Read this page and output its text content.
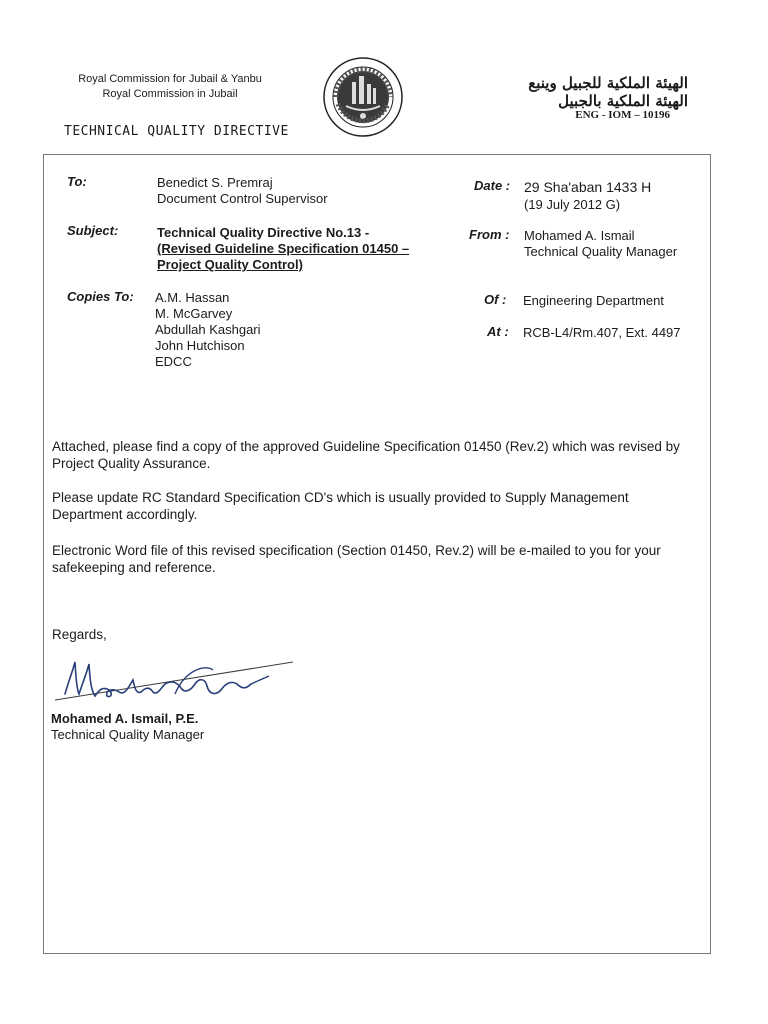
Royal Commission for Jubail & Yanbu
Royal Commission in Jubail
TECHNICAL QUALITY DIRECTIVE
الهيئة الملكية للجبيل وينبع
الهيئة الملكية بالجبيل
ENG - IOM – 10196
To:	Benedict S. Premraj
Document Control Supervisor
Date : 29 Sha'aban 1433 H
(19 July 2012 G)
Subject:	Technical Quality Directive No.13 -
(Revised Guideline Specification 01450 –
Project Quality Control)
From : Mohamed A. Ismail
Technical Quality Manager
Copies To: A.M. Hassan
M. McGarvey
Abdullah Kashgari
John Hutchison
EDCC
Of : Engineering Department
At : RCB-L4/Rm.407, Ext. 4497
Attached, please find a copy of the approved Guideline Specification 01450 (Rev.2) which was revised by Project Quality Assurance.
Please update RC Standard Specification CD's which is usually provided to Supply Management Department accordingly.
Electronic Word file of this revised specification (Section 01450, Rev.2) will be e-mailed to you for your safekeeping and reference.
Regards,
Mohamed A. Ismail, P.E.
Technical Quality Manager
